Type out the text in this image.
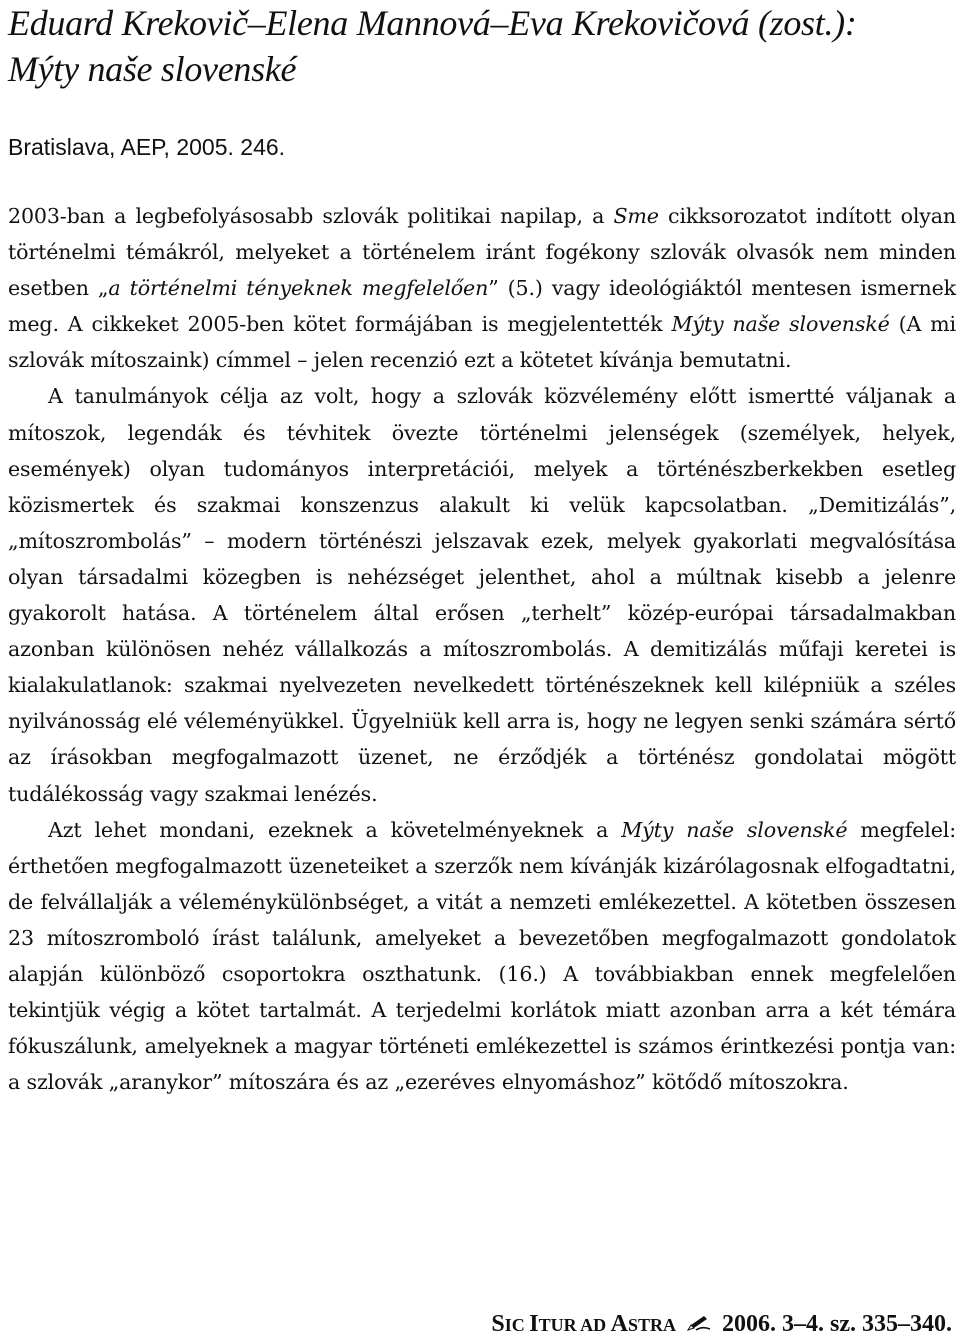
Eduard Krekovič–Elena Mannová–Eva Krekovičová (zost.):
Mýty naše slovenské

Bratislava, AEP, 2005. 246.

2003-ban a legbefolyásosabb szlovák politikai napilap, a Sme cikksorozatot indított olyan történelmi témákról, melyeket a történelem iránt fogékony szlovák olvasók nem minden esetben „a történelmi tényeknek megfelelően” (5.) vagy ideológiáktól mentesen ismernek meg. A cikkeket 2005-ben kötet formájában is megjelentették Mýty naše slovenské (A mi szlovák mítoszaink) címmel – jelen recenzió ezt a kötetet kívánja bemutatni.

A tanulmányok célja az volt, hogy a szlovák közvélemény előtt ismertté váljanak a mítoszok, legendák és tévhitek övezte történelmi jelenségek (személyek, helyek, események) olyan tudományos interpretációi, melyek a történészberkekben esetleg közismertek és szakmai konszenzus alakult ki velük kapcsolatban. „Demitizálás”, „mítoszrombolás” – modern történészi jelszavak ezek, melyek gyakorlati megvalósítása olyan társadalmi közegben is nehézséget jelenthet, ahol a múltnak kisebb a jelenre gyakorolt hatása. A történelem által erősen „terhelt” közép-európai társadalmakban azonban különösen nehéz vállalkozás a mítoszrombolás. A demitizálás műfaji keretei is kialakulatlanok: szakmai nyelvezeten nevelkedett történészeknek kell kilépniük a széles nyilvánosság elé véleményükkel. Ügyelniük kell arra is, hogy ne legyen senki számára sértő az írásokban megfogalmazott üzenet, ne érződjék a történész gondolatai mögött tudálékosság vagy szakmai lenézés.

Azt lehet mondani, ezeknek a követelményeknek a Mýty naše slovenské megfelel: érthetően megfogalmazott üzeneteiket a szerzők nem kívánják kizárólagosnak elfogadtatni, de felvállalják a véleménykülönbséget, a vitát a nemzeti emlékezettel. A kötetben összesen 23 mítoszromboló írást találunk, amelyeket a bevezetőben megfogalmazott gondolatok alapján különböző csoportokra oszthatunk. (16.) A továbbiakban ennek megfelelően tekintjük végig a kötet tartalmát. A terjedelmi korlátok miatt azonban arra a két témára fókuszálunk, amelyeknek a magyar történeti emlékezettel is számos érintkezési pontja van: a szlovák „aranykor” mítoszára és az „ezeréves elnyomáshoz” kötődő mítoszokra.

SIC ITUR AD ASTRA 2006. 3–4. sz. 335–340.
